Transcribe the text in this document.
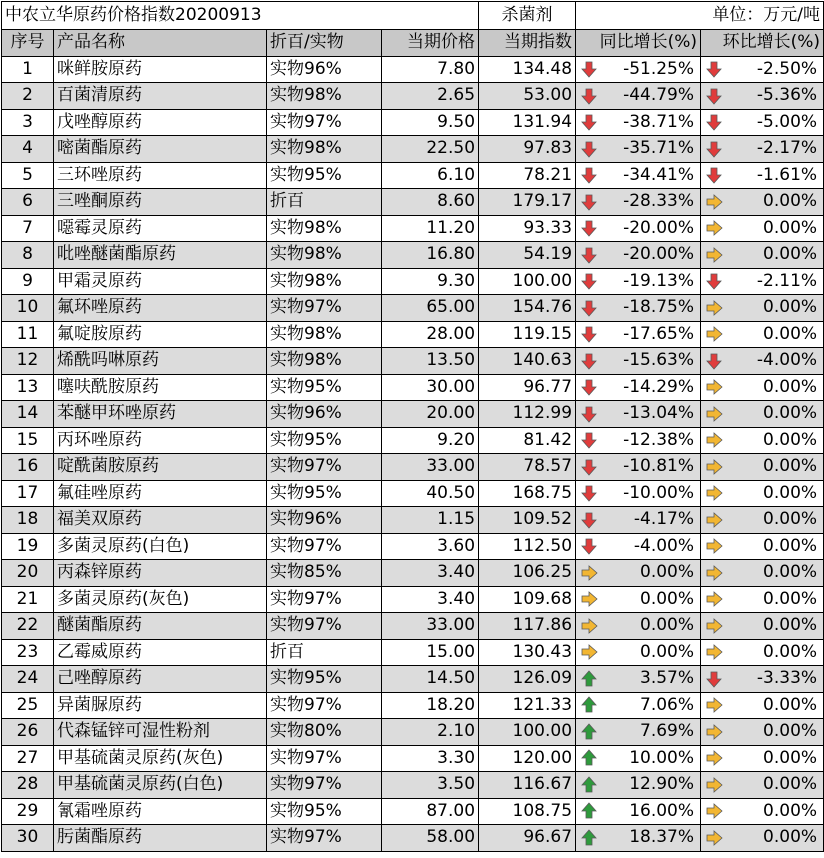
中农立华原药价格指数20200913				杀菌剂	单位：万元/吨	
序号	产品名称	折百/实物	当期价格	当期指数	同比增长(%)	环比增长(%)
1	咪鲜胺原药	实物96%	7.80	134.48	-51.25%	-2.50%

2	百菌清原药	实物98%	2.65	53.00	-44.79%	-5.36%

3	戊唑醇原药	实物97%	9.50	131.94	-38.71%	-5.00%

4	嘧菌酯原药	实物98%	22.50	97.83	-35.71%	-2.17%

5	三环唑原药	实物95%	6.10	78.21	-34.41%	-1.61%

6	三唑酮原药	折百	8.60	179.17	-28.33%	0.00%

7	噁霉灵原药	实物98%	11.20	93.33	-20.00%	0.00%

8	吡唑醚菌酯原药	实物98%	16.80	54.19	-20.00%	0.00%

9	甲霜灵原药	实物98%	9.30	100.00	-19.13%	-2.11%

10	氟环唑原药	实物97%	65.00	154.76	-18.75%	0.00%

11	氟啶胺原药	实物98%	28.00	119.15	-17.65%	0.00%

12	烯酰吗啉原药	实物98%	13.50	140.63	-15.63%	-4.00%

13	噻呋酰胺原药	实物95%	30.00	96.77	-14.29%	0.00%

14	苯醚甲环唑原药	实物96%	20.00	112.99	-13.04%	0.00%

15	丙环唑原药	实物95%	9.20	81.42	-12.38%	0.00%

16	啶酰菌胺原药	实物97%	33.00	78.57	-10.81%	0.00%

17	氟硅唑原药	实物95%	40.50	168.75	-10.00%	0.00%

18	福美双原药	实物96%	1.15	109.52	-4.17%	0.00%

19	多菌灵原药(白色)	实物97%	3.60	112.50	-4.00%	0.00%

20	丙森锌原药	实物85%	3.40	106.25	0.00%	0.00%

21	多菌灵原药(灰色)	实物97%	3.40	109.68	0.00%	0.00%

22	醚菌酯原药	实物97%	33.00	117.86	0.00%	0.00%

23	乙霉威原药	折百	15.00	130.43	0.00%	0.00%

24	己唑醇原药	实物95%	14.50	126.09	3.57%	-3.33%

25	异菌脲原药	实物97%	18.20	121.33	7.06%	0.00%

26	代森锰锌可湿性粉剂	实物80%	2.10	100.00	7.69%	0.00%

27	甲基硫菌灵原药(灰色)	实物97%	3.30	120.00	10.00%	0.00%

28	甲基硫菌灵原药(白色)	实物97%	3.50	116.67	12.90%	0.00%

29	氰霜唑原药	实物95%	87.00	108.75	16.00%	0.00%

30	肟菌酯原药	实物97%	58.00	96.67	18.37%	0.00%
